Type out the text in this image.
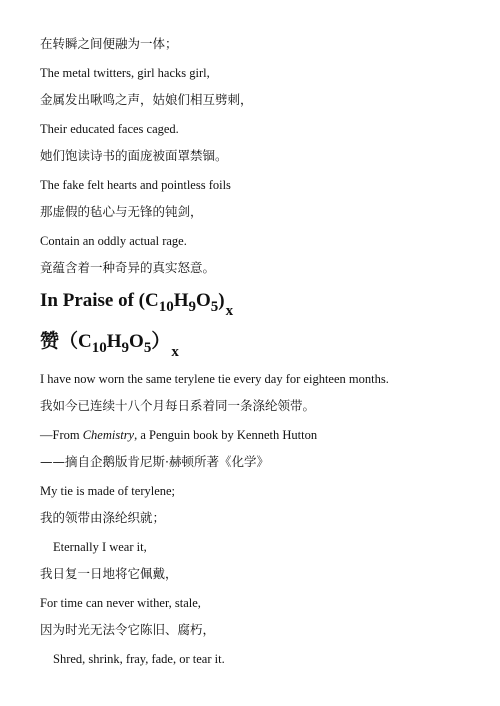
在转瞬之间便融为一体；
The metal twitters, girl hacks girl,
金属发出啾鸣之声，姑娘们相互劈刺，
Their educated faces caged.
她们饱读诗书的面庞被面罩禁锢。
The fake felt hearts and pointless foils
那虚假的毡心与无锋的钝剑，
Contain an oddly actual rage.
竟蕴含着一种奇异的真实怒意。
In Praise of $(C_{10}H_9O_5)_x$
赞$(C_{10}H_9O_5)_x$
I have now worn the same terylene tie every day for eighteen months.
我如今已连续十八个月每日系着同一条涤纶领带。
—From Chemistry, a Penguin book by Kenneth Hutton
——摘自企鹅版肯尼斯·赫顿所著《化学》
My tie is made of terylene;
我的领带由涤纶织就；
Eternally I wear it,
我日复一日地将它佩戴，
For time can never wither, stale,
因为时光无法令它陈旧、腐朽，
Shred, shrink, fray, fade, or tear it.
